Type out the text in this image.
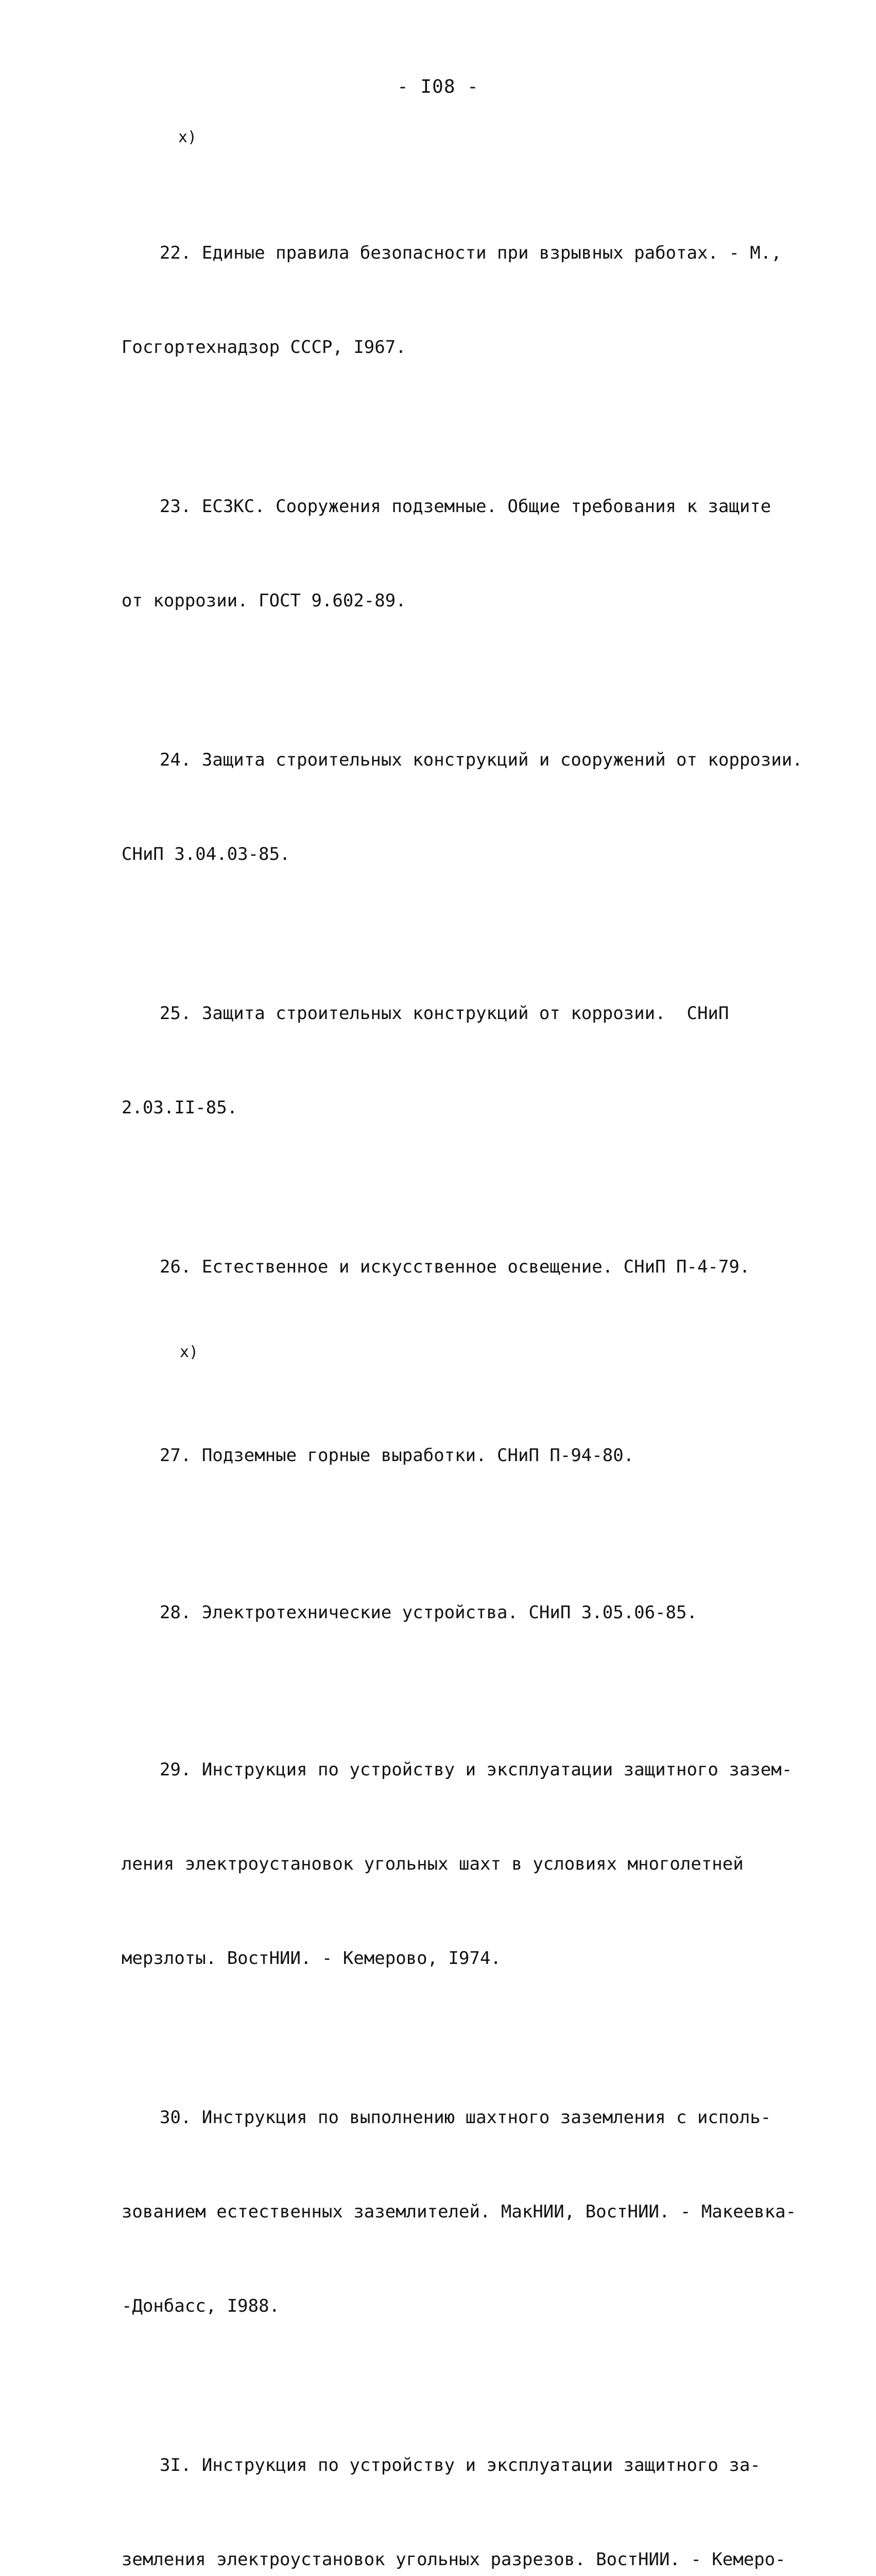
- I08 -

x)

22. Единые правила безопасности при взрывных работах. - М.,

Госгортехнадзор СССР, I967.

23. ЕСЗКС. Сооружения подземные. Общие требования к защите

от коррозии. ГОСТ 9.602-89.

24. Защита строительных конструкций и сооружений от коррозии.

СНиП 3.04.03-85.

25. Защита строительных конструкций от коррозии.  СНиП

2.03.II-85.

26. Естественное и искусственное освещение. СНиП П-4-79.

x)

27. Подземные горные выработки. СНиП П-94-80.

28. Электротехнические устройства. СНиП 3.05.06-85.

29. Инструкция по устройству и эксплуатации защитного зазем-

ления электроустановок угольных шахт в условиях многолетней

мерзлоты. ВостНИИ. - Кемерово, I974.

30. Инструкция по выполнению шахтного заземления с исполь-

зованием естественных заземлителей. МакНИИ, ВостНИИ. - Макеевка-

-Донбасс, I988.

3I. Инструкция по устройству и эксплуатации защитного за-

земления электроустановок угольных разрезов. ВостНИИ. - Кемеро-
